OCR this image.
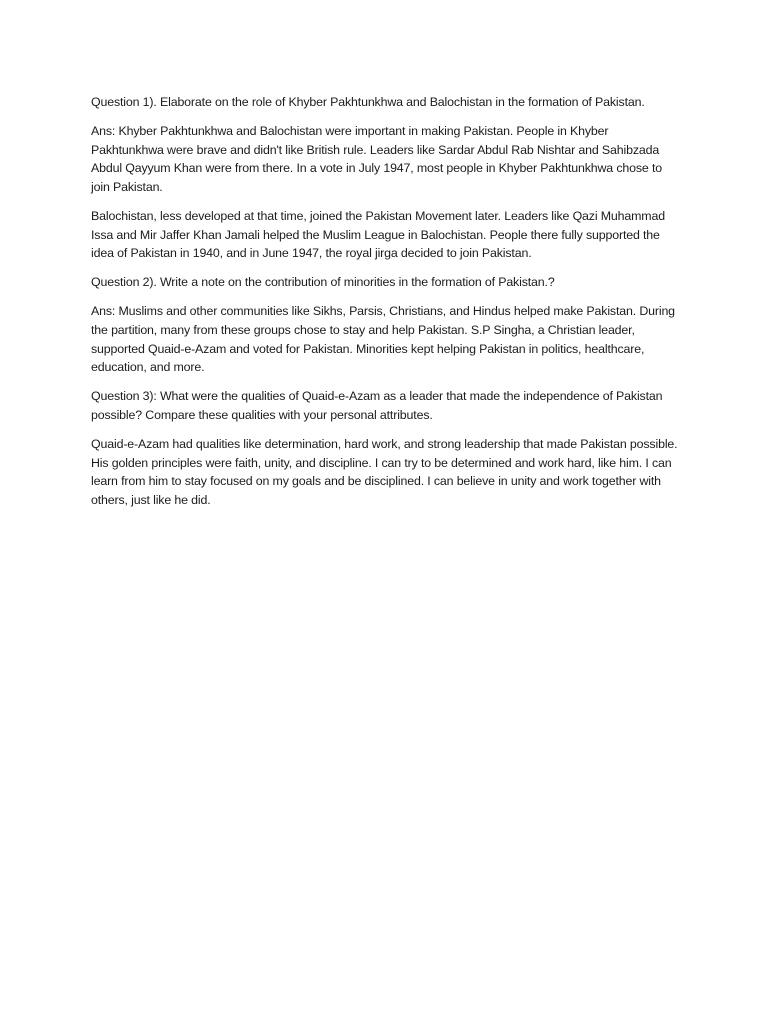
Question 1). Elaborate on the role of Khyber Pakhtunkhwa and Balochistan in the formation of Pakistan.

Ans: Khyber Pakhtunkhwa and Balochistan were important in making Pakistan. People in Khyber Pakhtunkhwa were brave and didn't like British rule. Leaders like Sardar Abdul Rab Nishtar and Sahibzada Abdul Qayyum Khan were from there. In a vote in July 1947, most people in Khyber Pakhtunkhwa chose to join Pakistan.

Balochistan, less developed at that time, joined the Pakistan Movement later. Leaders like Qazi Muhammad Issa and Mir Jaffer Khan Jamali helped the Muslim League in Balochistan. People there fully supported the idea of Pakistan in 1940, and in June 1947, the royal jirga decided to join Pakistan.

Question 2). Write a note on the contribution of minorities in the formation of Pakistan.?

Ans: Muslims and other communities like Sikhs, Parsis, Christians, and Hindus helped make Pakistan. During the partition, many from these groups chose to stay and help Pakistan. S.P Singha, a Christian leader, supported Quaid-e-Azam and voted for Pakistan. Minorities kept helping Pakistan in politics, healthcare, education, and more.

Question 3): What were the qualities of Quaid-e-Azam as a leader that made the independence of Pakistan possible? Compare these qualities with your personal attributes.

Quaid-e-Azam had qualities like determination, hard work, and strong leadership that made Pakistan possible. His golden principles were faith, unity, and discipline. I can try to be determined and work hard, like him. I can learn from him to stay focused on my goals and be disciplined. I can believe in unity and work together with others, just like he did.
